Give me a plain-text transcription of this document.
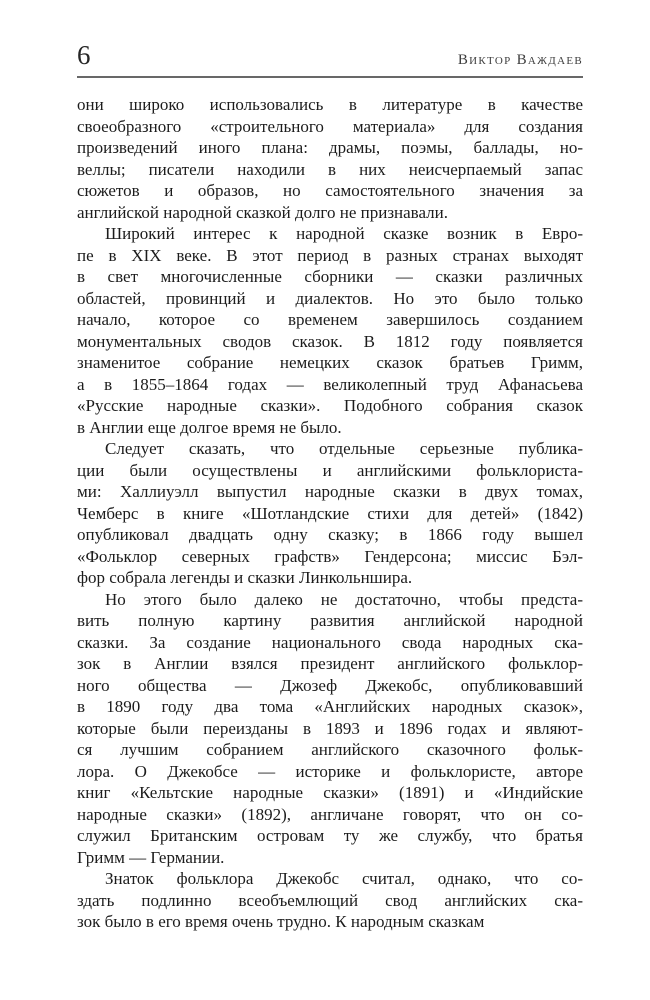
6	Виктор Важдаев
они широко использовались в литературе в качестве
своеобразного «строительного материала» для создания
произведений иного плана: драмы, поэмы, баллады, но-
веллы; писатели находили в них неисчерпаемый запас
сюжетов и образов, но самостоятельного значения за
английской народной сказкой долго не признавали.
Широкий интерес к народной сказке возник в Евро-
пе в XIX веке. В этот период в разных странах выходят
в свет многочисленные сборники — сказки различных
областей, провинций и диалектов. Но это было только
начало, которое со временем завершилось созданием
монументальных сводов сказок. В 1812 году появляется
знаменитое собрание немецких сказок братьев Гримм,
а в 1855–1864 годах — великолепный труд Афанасьева
«Русские народные сказки». Подобного собрания сказок
в Англии еще долгое время не было.
Следует сказать, что отдельные серьезные публика-
ции были осуществлены и английскими фольклориста-
ми: Халлиуэлл выпустил народные сказки в двух томах,
Чемберс в книге «Шотландские стихи для детей» (1842)
опубликовал двадцать одну сказку; в 1866 году вышел
«Фольклор северных графств» Гендерсона; миссис Бэл-
фор собрала легенды и сказки Линкольншира.
Но этого было далеко не достаточно, чтобы предста-
вить полную картину развития английской народной
сказки. За создание национального свода народных ска-
зок в Англии взялся президент английского фольклор-
ного общества — Джозеф Джекобс, опубликовавший
в 1890 году два тома «Английских народных сказок»,
которые были переизданы в 1893 и 1896 годах и являют-
ся лучшим собранием английского сказочного фольк-
лора. О Джекобсе — историке и фольклористе, авторе
книг «Кельтские народные сказки» (1891) и «Индийские
народные сказки» (1892), англичане говорят, что он со-
служил Британским островам ту же службу, что братья
Гримм — Германии.
Знаток фольклора Джекобс считал, однако, что со-
здать подлинно всеобъемлющий свод английских ска-
зок было в его время очень трудно. К народным сказкам
